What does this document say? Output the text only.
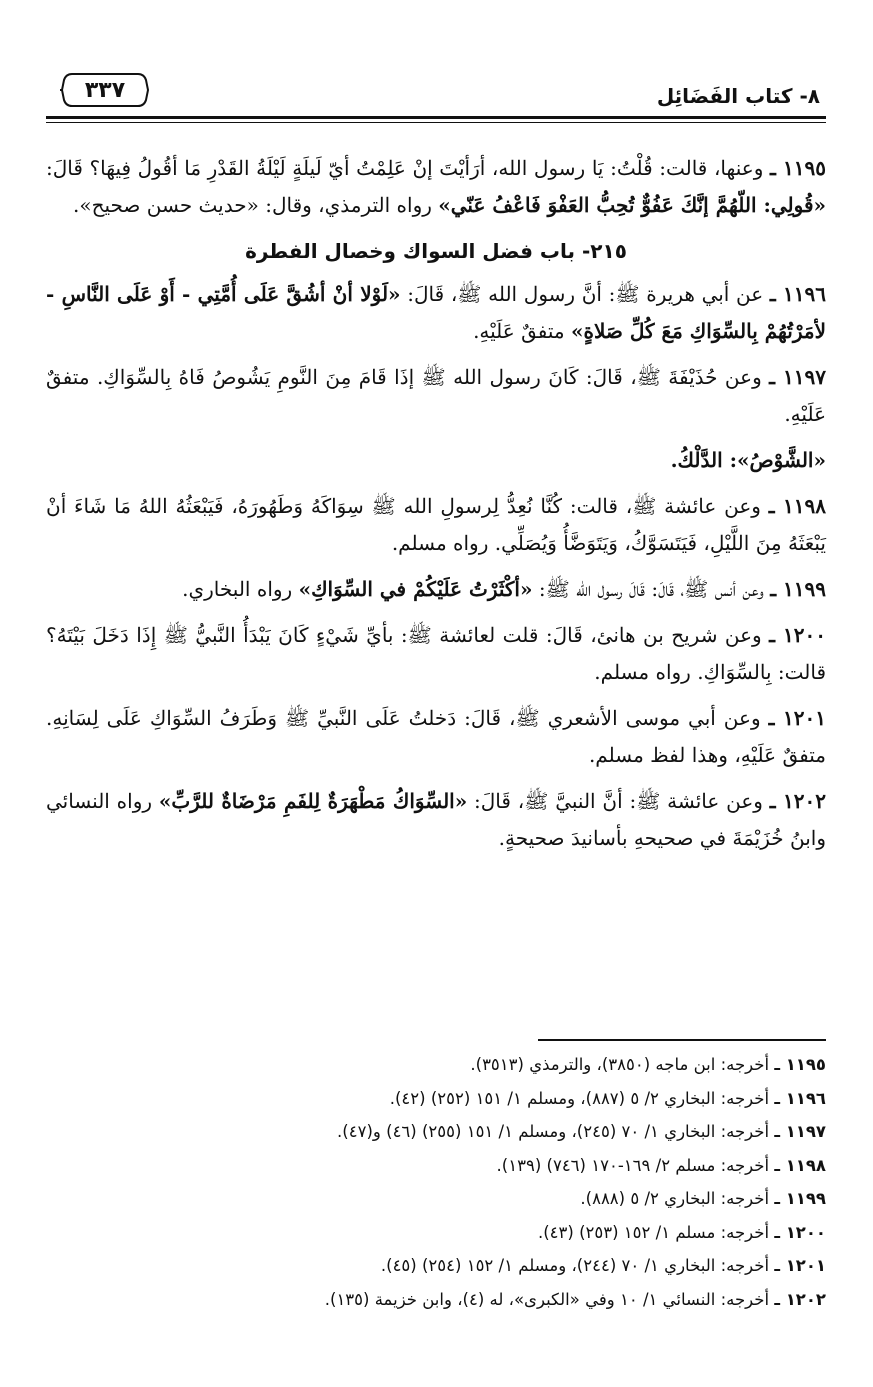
٨- كتاب الفَضَائِل
٣٣٧

١١٩٥ ـ وعنها، قالت: قُلْتُ: يَا رسول الله، أرَأيْتَ إنْ عَلِمْتُ أيّ لَيلَةٍ لَيْلَةُ القَدْرِ مَا أقُولُ فِيهَا؟ قَالَ: «قُولِي: اللّهُمَّ إنَّكَ عَفُوٌّ تُحِبُّ العَفْوَ فَاعْفُ عَنّي» رواه الترمذي، وقال: «حديث حسن صحيح».

٢١٥- باب فضل السواك وخصال الفطرة

١١٩٦ ـ عن أبي هريرة ﷺ: أنَّ رسول الله ﷺ، قَالَ: «لَوْلا أنْ أشُقَّ عَلَى أُمَّتِي - أَوْ عَلَى النَّاسِ - لأمَرْتُهُمْ بِالسِّوَاكِ مَعَ كُلِّ صَلاةٍ» متفقٌ عَلَيْهِ.

١١٩٧ ـ وعن حُذَيْفَةَ ﷺ، قَالَ: كَانَ رسول الله ﷺ إذَا قَامَ مِنَ النَّومِ يَشُوصُ فَاهُ بِالسِّوَاكِ. متفقٌ عَلَيْهِ.

«الشَّوْصُ»: الدَّلْكُ.

١١٩٨ ـ وعن عائشة ﷺ، قالت: كُنَّا نُعِدُّ لِرسولِ الله ﷺ سِوَاكَهُ وَطَهُورَهُ، فَيَبْعَثُهُ اللهُ مَا شَاءَ أنْ يَبْعَثَهُ مِنَ اللَّيْلِ، فَيَتَسَوَّكُ، وَيَتَوَضَّأُ وَيُصَلِّي. رواه مسلم.

١١٩٩ ـ وعن أنس ﷺ، قَالَ: قَالَ رسول الله ﷺ: «أكْثَرْتُ عَلَيْكُمْ في السِّوَاكِ» رواه البخاري.

١٢٠٠ ـ وعن شريح بن هانئ، قَالَ: قلت لعائشة ﷺ: بأيِّ شَيْءٍ كَانَ يَبْدَأُ النَّبيُّ ﷺ إِذَا دَخَلَ بَيْتَهُ؟ قالت: بِالسِّوَاكِ. رواه مسلم.

١٢٠١ ـ وعن أبي موسى الأشعري ﷺ، قَالَ: دَخلتُ عَلَى النَّبيِّ ﷺ وَطَرَفُ السِّوَاكِ عَلَى لِسَانِهِ. متفقٌ عَلَيْهِ، وهذا لفظ مسلم.

١٢٠٢ ـ وعن عائشة ﷺ: أنَّ النبيَّ ﷺ، قَالَ: «السِّوَاكُ مَطْهَرَةٌ لِلفَمِ مَرْضَاةٌ للرَّبِّ» رواه النسائي وابنُ خُزَيْمَةَ في صحيحهِ بأسانيدَ صحيحةٍ.

١١٩٥ ـ أخرجه: ابن ماجه (٣٨٥٠)، والترمذي (٣٥١٣).
١١٩٦ ـ أخرجه: البخاري ٢/ ٥ (٨٨٧)، ومسلم ١/ ١٥١ (٢٥٢) (٤٢).
١١٩٧ ـ أخرجه: البخاري ١/ ٧٠ (٢٤٥)، ومسلم ١/ ١٥١ (٢٥٥) (٤٦) و(٤٧).
١١٩٨ ـ أخرجه: مسلم ٢/ ١٦٩-١٧٠ (٧٤٦) (١٣٩).
١١٩٩ ـ أخرجه: البخاري ٢/ ٥ (٨٨٨).
١٢٠٠ ـ أخرجه: مسلم ١/ ١٥٢ (٢٥٣) (٤٣).
١٢٠١ ـ أخرجه: البخاري ١/ ٧٠ (٢٤٤)، ومسلم ١/ ١٥٢ (٢٥٤) (٤٥).
١٢٠٢ ـ أخرجه: النسائي ١/ ١٠ وفي «الكبرى»، له (٤)، وابن خزيمة (١٣٥).
